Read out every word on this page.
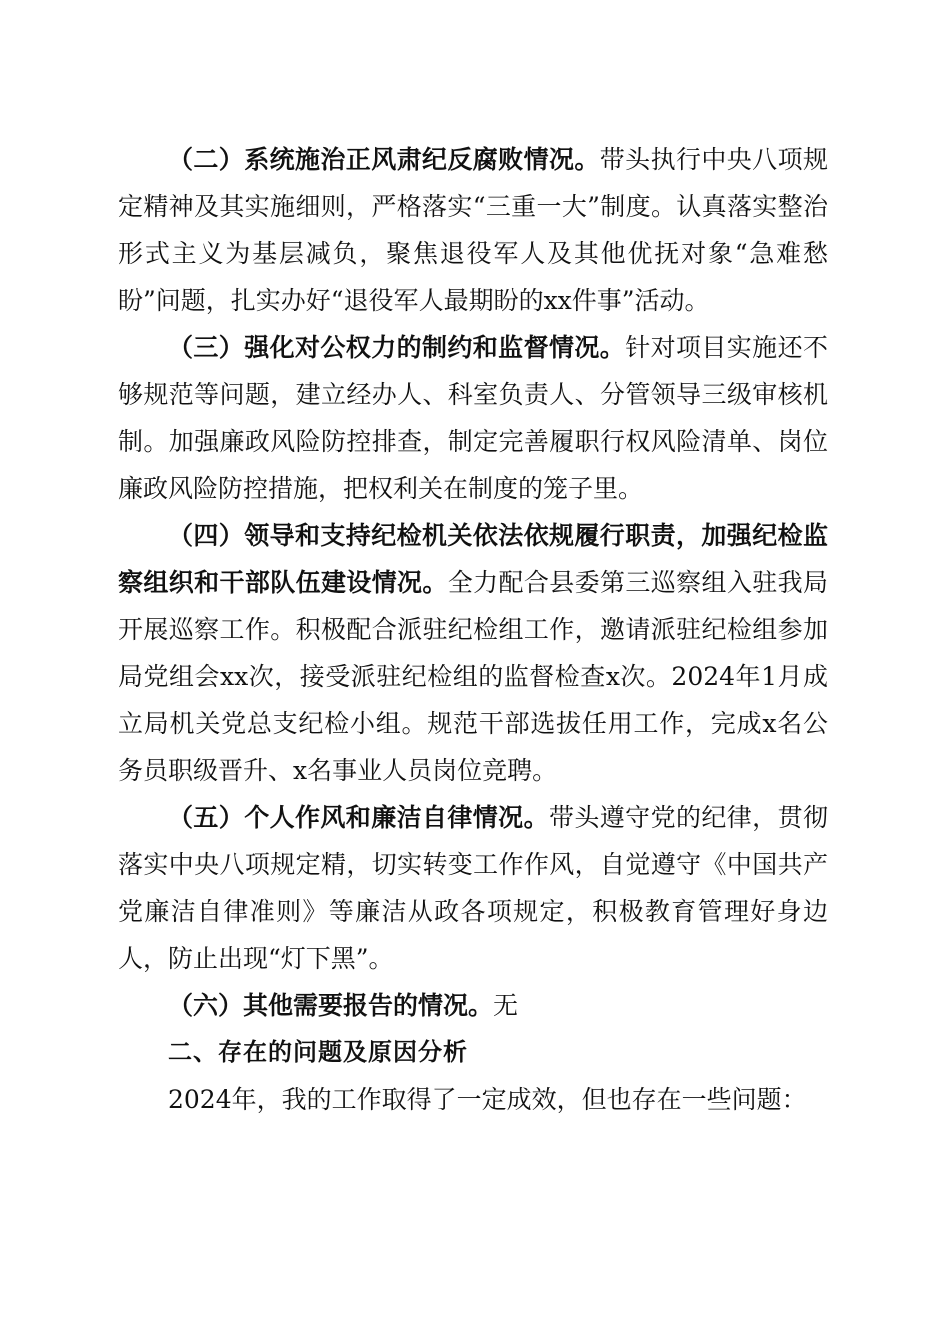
（二）系统施治正风肃纪反腐败情况。带头执行中央八项规定精神及其实施细则，严格落实“三重一大”制度。认真落实整治形式主义为基层减负，聚焦退役军人及其他优抚对象“急难愁盼”问题，扎实办好“退役军人最期盼的xx件事”活动。

（三）强化对公权力的制约和监督情况。针对项目实施还不够规范等问题，建立经办人、科室负责人、分管领导三级审核机制。加强廉政风险防控排查，制定完善履职行权风险清单、岗位廉政风险防控措施，把权利关在制度的笼子里。

（四）领导和支持纪检机关依法依规履行职责，加强纪检监察组织和干部队伍建设情况。全力配合县委第三巡察组入驻我局开展巡察工作。积极配合派驻纪检组工作，邀请派驻纪检组参加局党组会xx次，接受派驻纪检组的监督检查x次。2024年1月成立局机关党总支纪检小组。规范干部选拔任用工作，完成x名公务员职级晋升、x名事业人员岗位竞聘。

（五）个人作风和廉洁自律情况。带头遵守党的纪律，贯彻落实中央八项规定精，切实转变工作作风，自觉遵守《中国共产党廉洁自律准则》等廉洁从政各项规定，积极教育管理好身边人，防止出现“灯下黑”。

（六）其他需要报告的情况。无

二、存在的问题及原因分析

2024年，我的工作取得了一定成效，但也存在一些问题：
